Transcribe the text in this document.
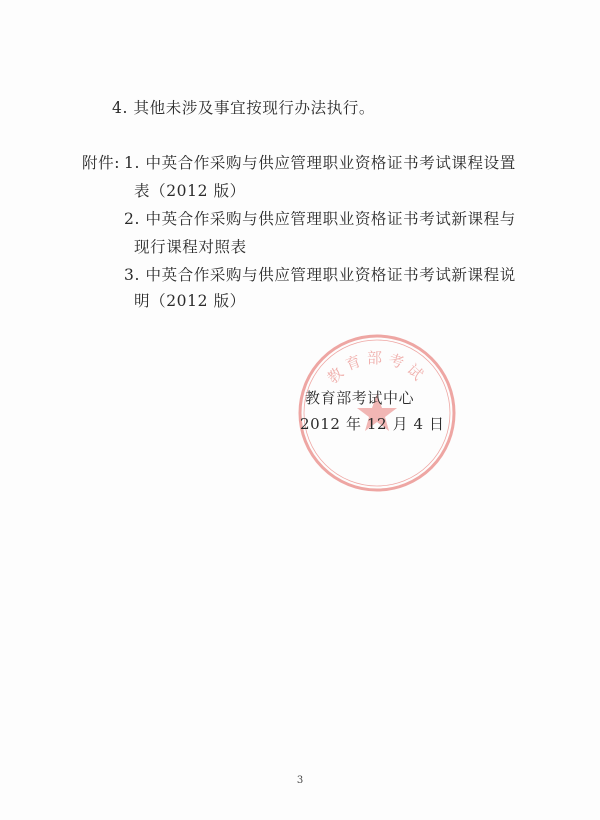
4. 其他未涉及事宜按现行办法执行。
附件: 1. 中英合作采购与供应管理职业资格证书考试课程设置
表（2012 版）
2. 中英合作采购与供应管理职业资格证书考试新课程与
现行课程对照表
3. 中英合作采购与供应管理职业资格证书考试新课程说
明（2012 版）
教育部考试
教育部考试中心
2012 年 12 月 4 日
3
